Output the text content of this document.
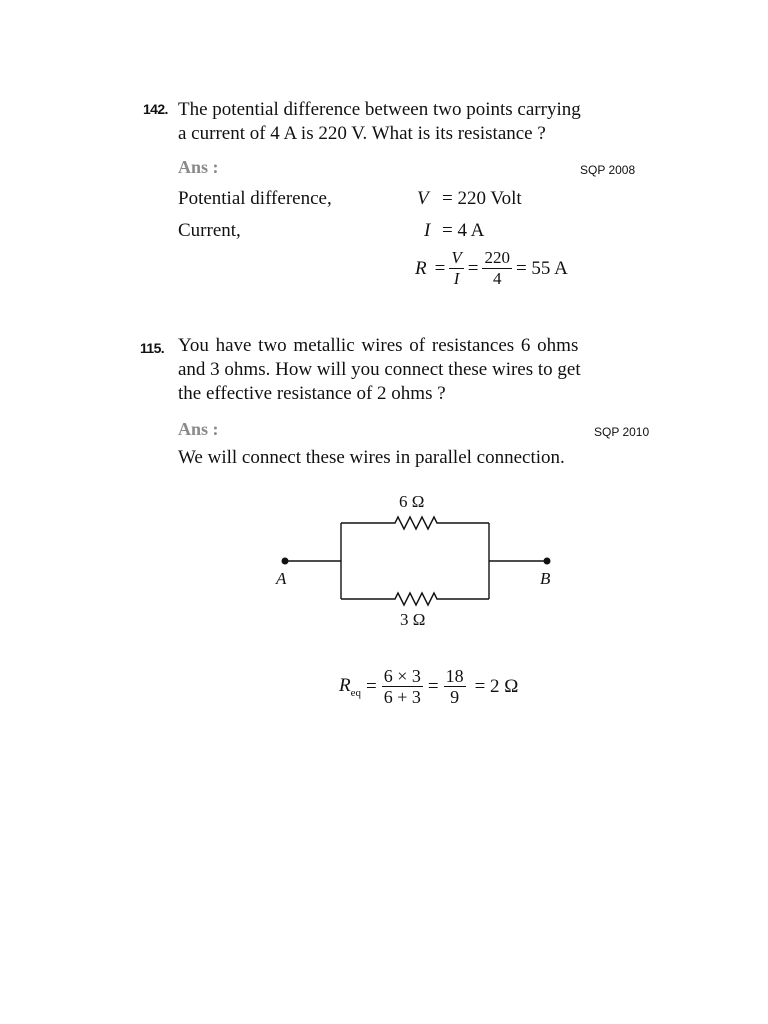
142. The potential difference between two points carrying
a current of 4 A is 220 V. What is its resistance ?
Ans :	SQP 2008
Potential difference,	V = 220 Volt
Current,	I = 4 A
$R = \frac{V}{I} = \frac{220}{4} = 55$ A
115. You have two metallic wires of resistances 6 ohms
and 3 ohms. How will you connect these wires to get
the effective resistance of 2 ohms ?
Ans :	SQP 2010
We will connect these wires in parallel connection.
6 Ω
3 Ω
A	B
$R_{eq} = \frac{6 \times 3}{6 + 3} = \frac{18}{9} = 2$ Ω
